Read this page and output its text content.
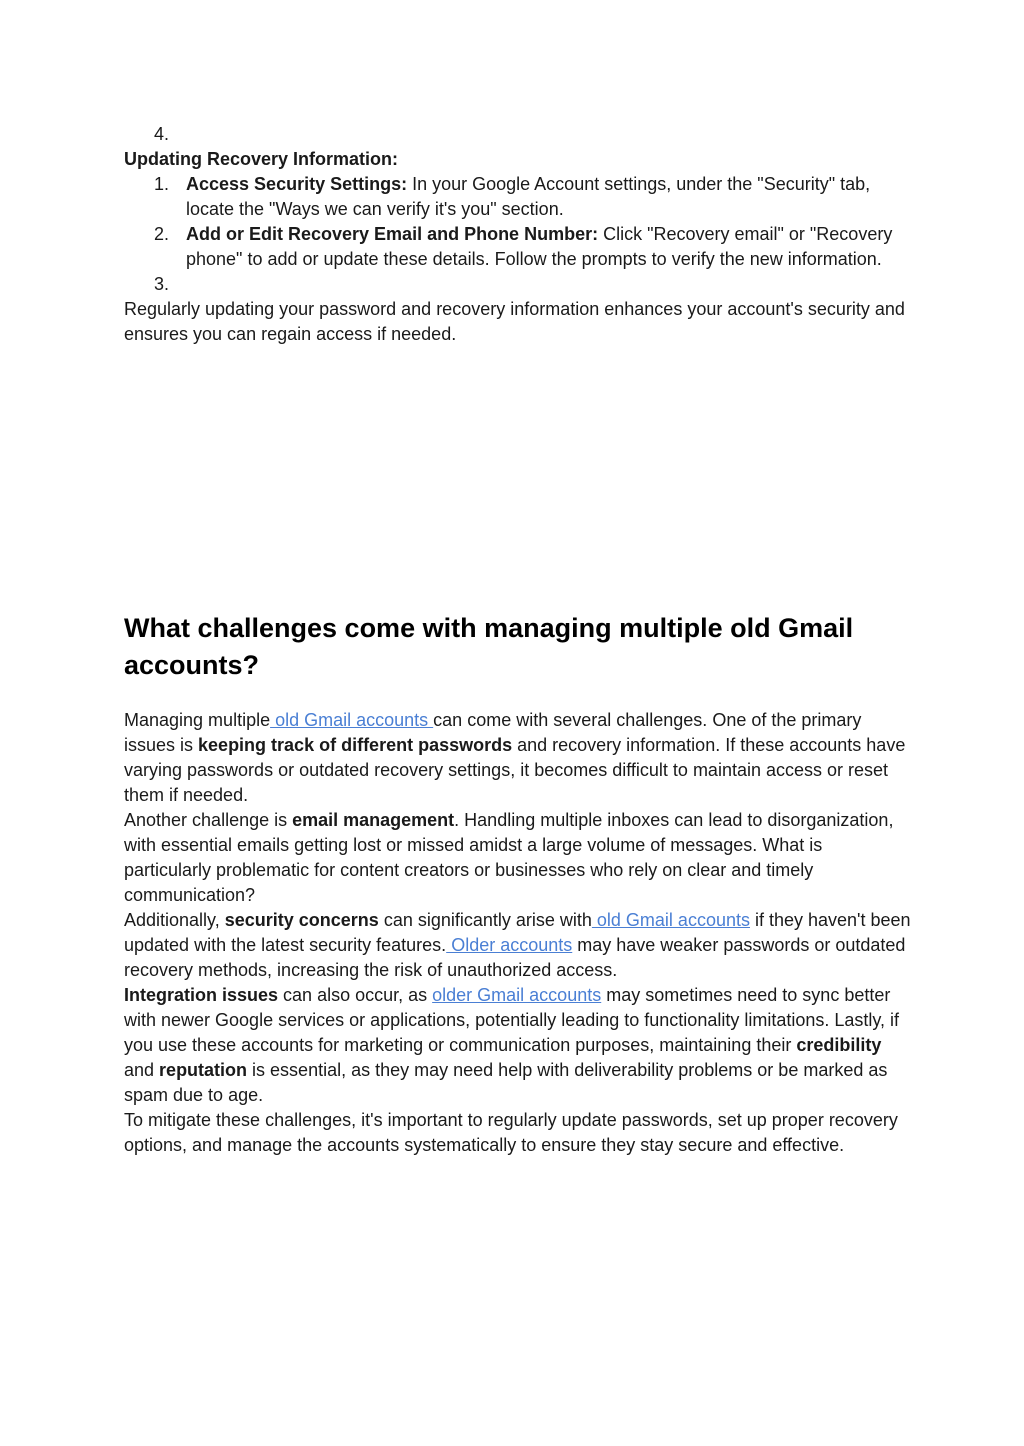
4.
Updating Recovery Information:
1. Access Security Settings: In your Google Account settings, under the "Security" tab, locate the "Ways we can verify it's you" section.
2. Add or Edit Recovery Email and Phone Number: Click "Recovery email" or "Recovery phone" to add or update these details. Follow the prompts to verify the new information.
3.

Regularly updating your password and recovery information enhances your account's security and ensures you can regain access if needed.

What challenges come with managing multiple old Gmail accounts?

Managing multiple old Gmail accounts can come with several challenges. One of the primary issues is keeping track of different passwords and recovery information. If these accounts have varying passwords or outdated recovery settings, it becomes difficult to maintain access or reset them if needed.

Another challenge is email management. Handling multiple inboxes can lead to disorganization, with essential emails getting lost or missed amidst a large volume of messages. What is particularly problematic for content creators or businesses who rely on clear and timely communication?

Additionally, security concerns can significantly arise with old Gmail accounts if they haven't been updated with the latest security features. Older accounts may have weaker passwords or outdated recovery methods, increasing the risk of unauthorized access.

Integration issues can also occur, as older Gmail accounts may sometimes need to sync better with newer Google services or applications, potentially leading to functionality limitations. Lastly, if you use these accounts for marketing or communication purposes, maintaining their credibility and reputation is essential, as they may need help with deliverability problems or be marked as spam due to age.

To mitigate these challenges, it's important to regularly update passwords, set up proper recovery options, and manage the accounts systematically to ensure they stay secure and effective.
